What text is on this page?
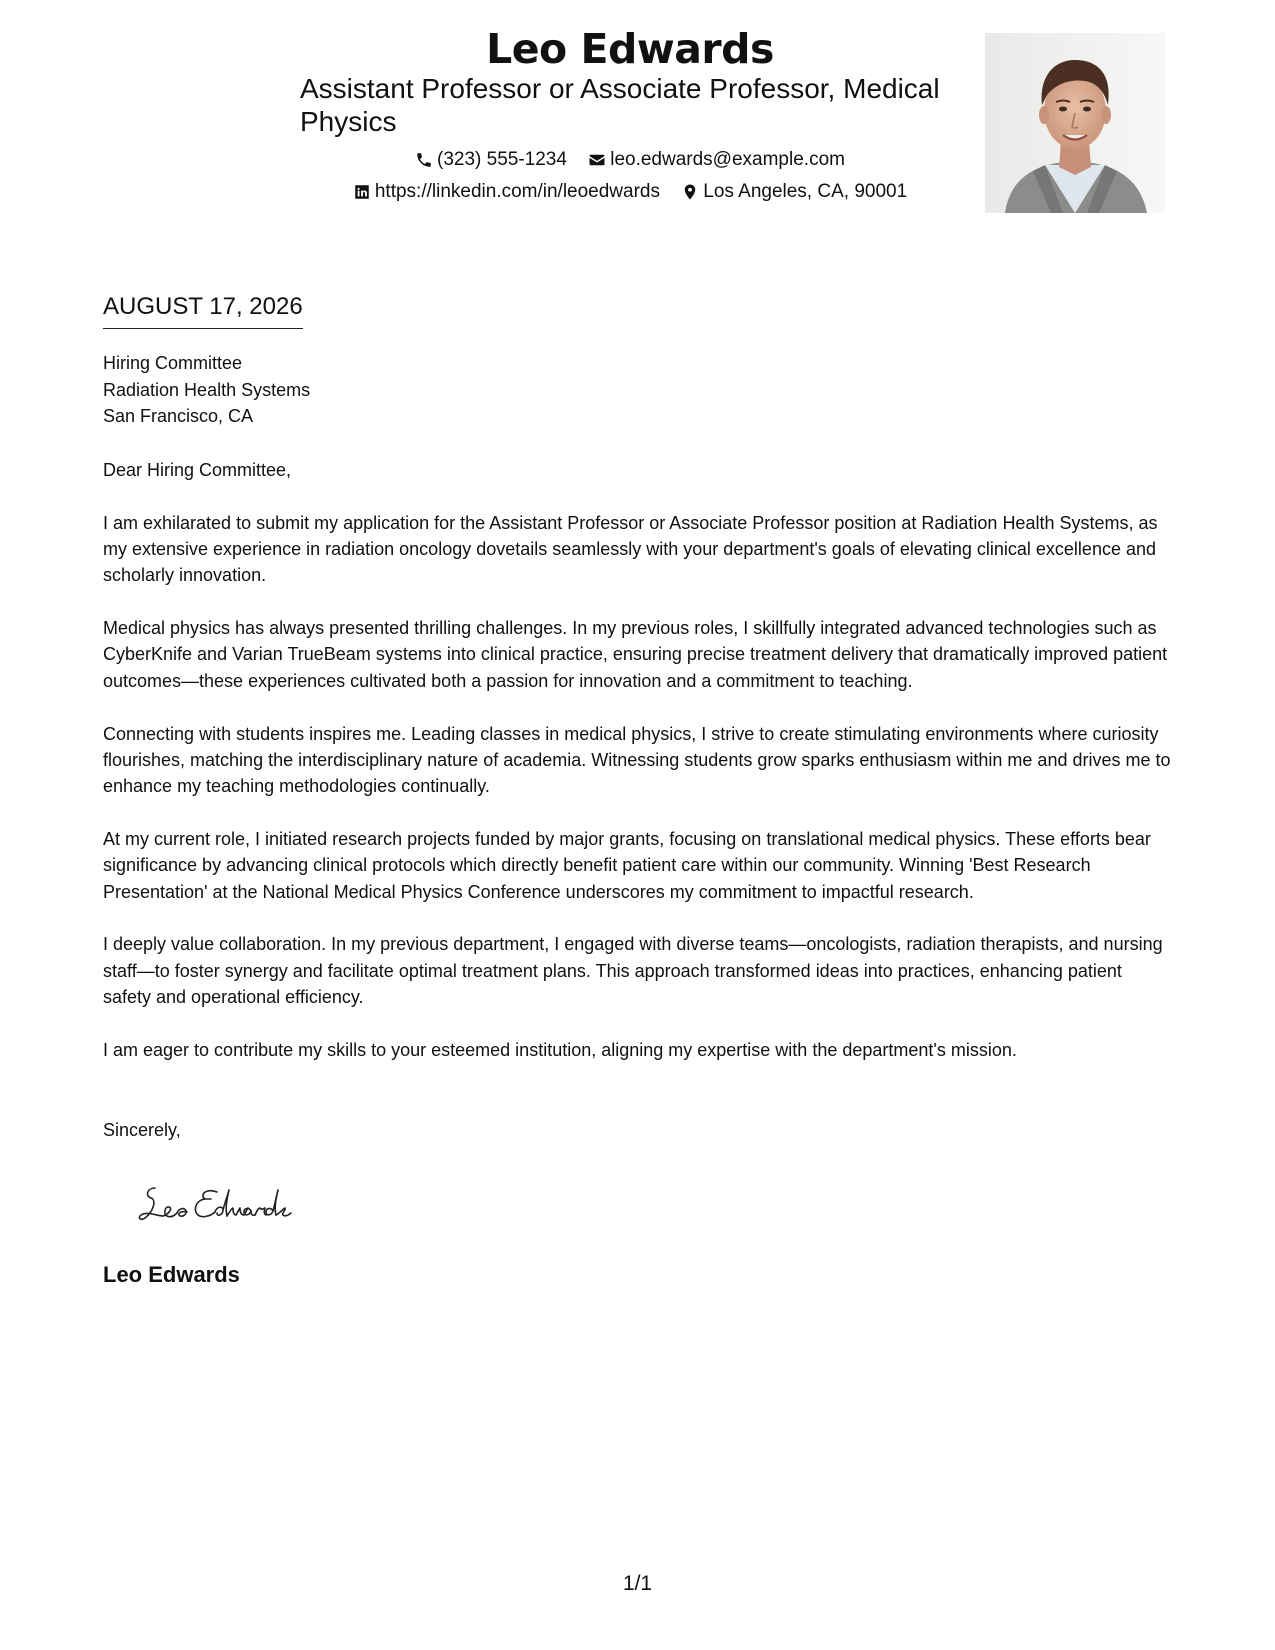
Leo Edwards
Assistant Professor or Associate Professor, Medical Physics
(323) 555-1234
leo.edwards@example.com
https://linkedin.com/in/leoedwards
Los Angeles, CA, 90001
AUGUST 17, 2026
Hiring Committee
Radiation Health Systems
San Francisco, CA

Dear Hiring Committee,

I am exhilarated to submit my application for the Assistant Professor or Associate Professor position at Radiation Health Systems, as my extensive experience in radiation oncology dovetails seamlessly with your department's goals of elevating clinical excellence and scholarly innovation.

Medical physics has always presented thrilling challenges. In my previous roles, I skillfully integrated advanced technologies such as CyberKnife and Varian TrueBeam systems into clinical practice, ensuring precise treatment delivery that dramatically improved patient outcomes—these experiences cultivated both a passion for innovation and a commitment to teaching.

Connecting with students inspires me. Leading classes in medical physics, I strive to create stimulating environments where curiosity flourishes, matching the interdisciplinary nature of academia. Witnessing students grow sparks enthusiasm within me and drives me to enhance my teaching methodologies continually.

At my current role, I initiated research projects funded by major grants, focusing on translational medical physics. These efforts bear significance by advancing clinical protocols which directly benefit patient care within our community. Winning 'Best Research Presentation' at the National Medical Physics Conference underscores my commitment to impactful research.

I deeply value collaboration. In my previous department, I engaged with diverse teams—oncologists, radiation therapists, and nursing staff—to foster synergy and facilitate optimal treatment plans. This approach transformed ideas into practices, enhancing patient safety and operational efficiency.

I am eager to contribute my skills to your esteemed institution, aligning my expertise with the department's mission.

Sincerely,
Leo Edwards
1/1
